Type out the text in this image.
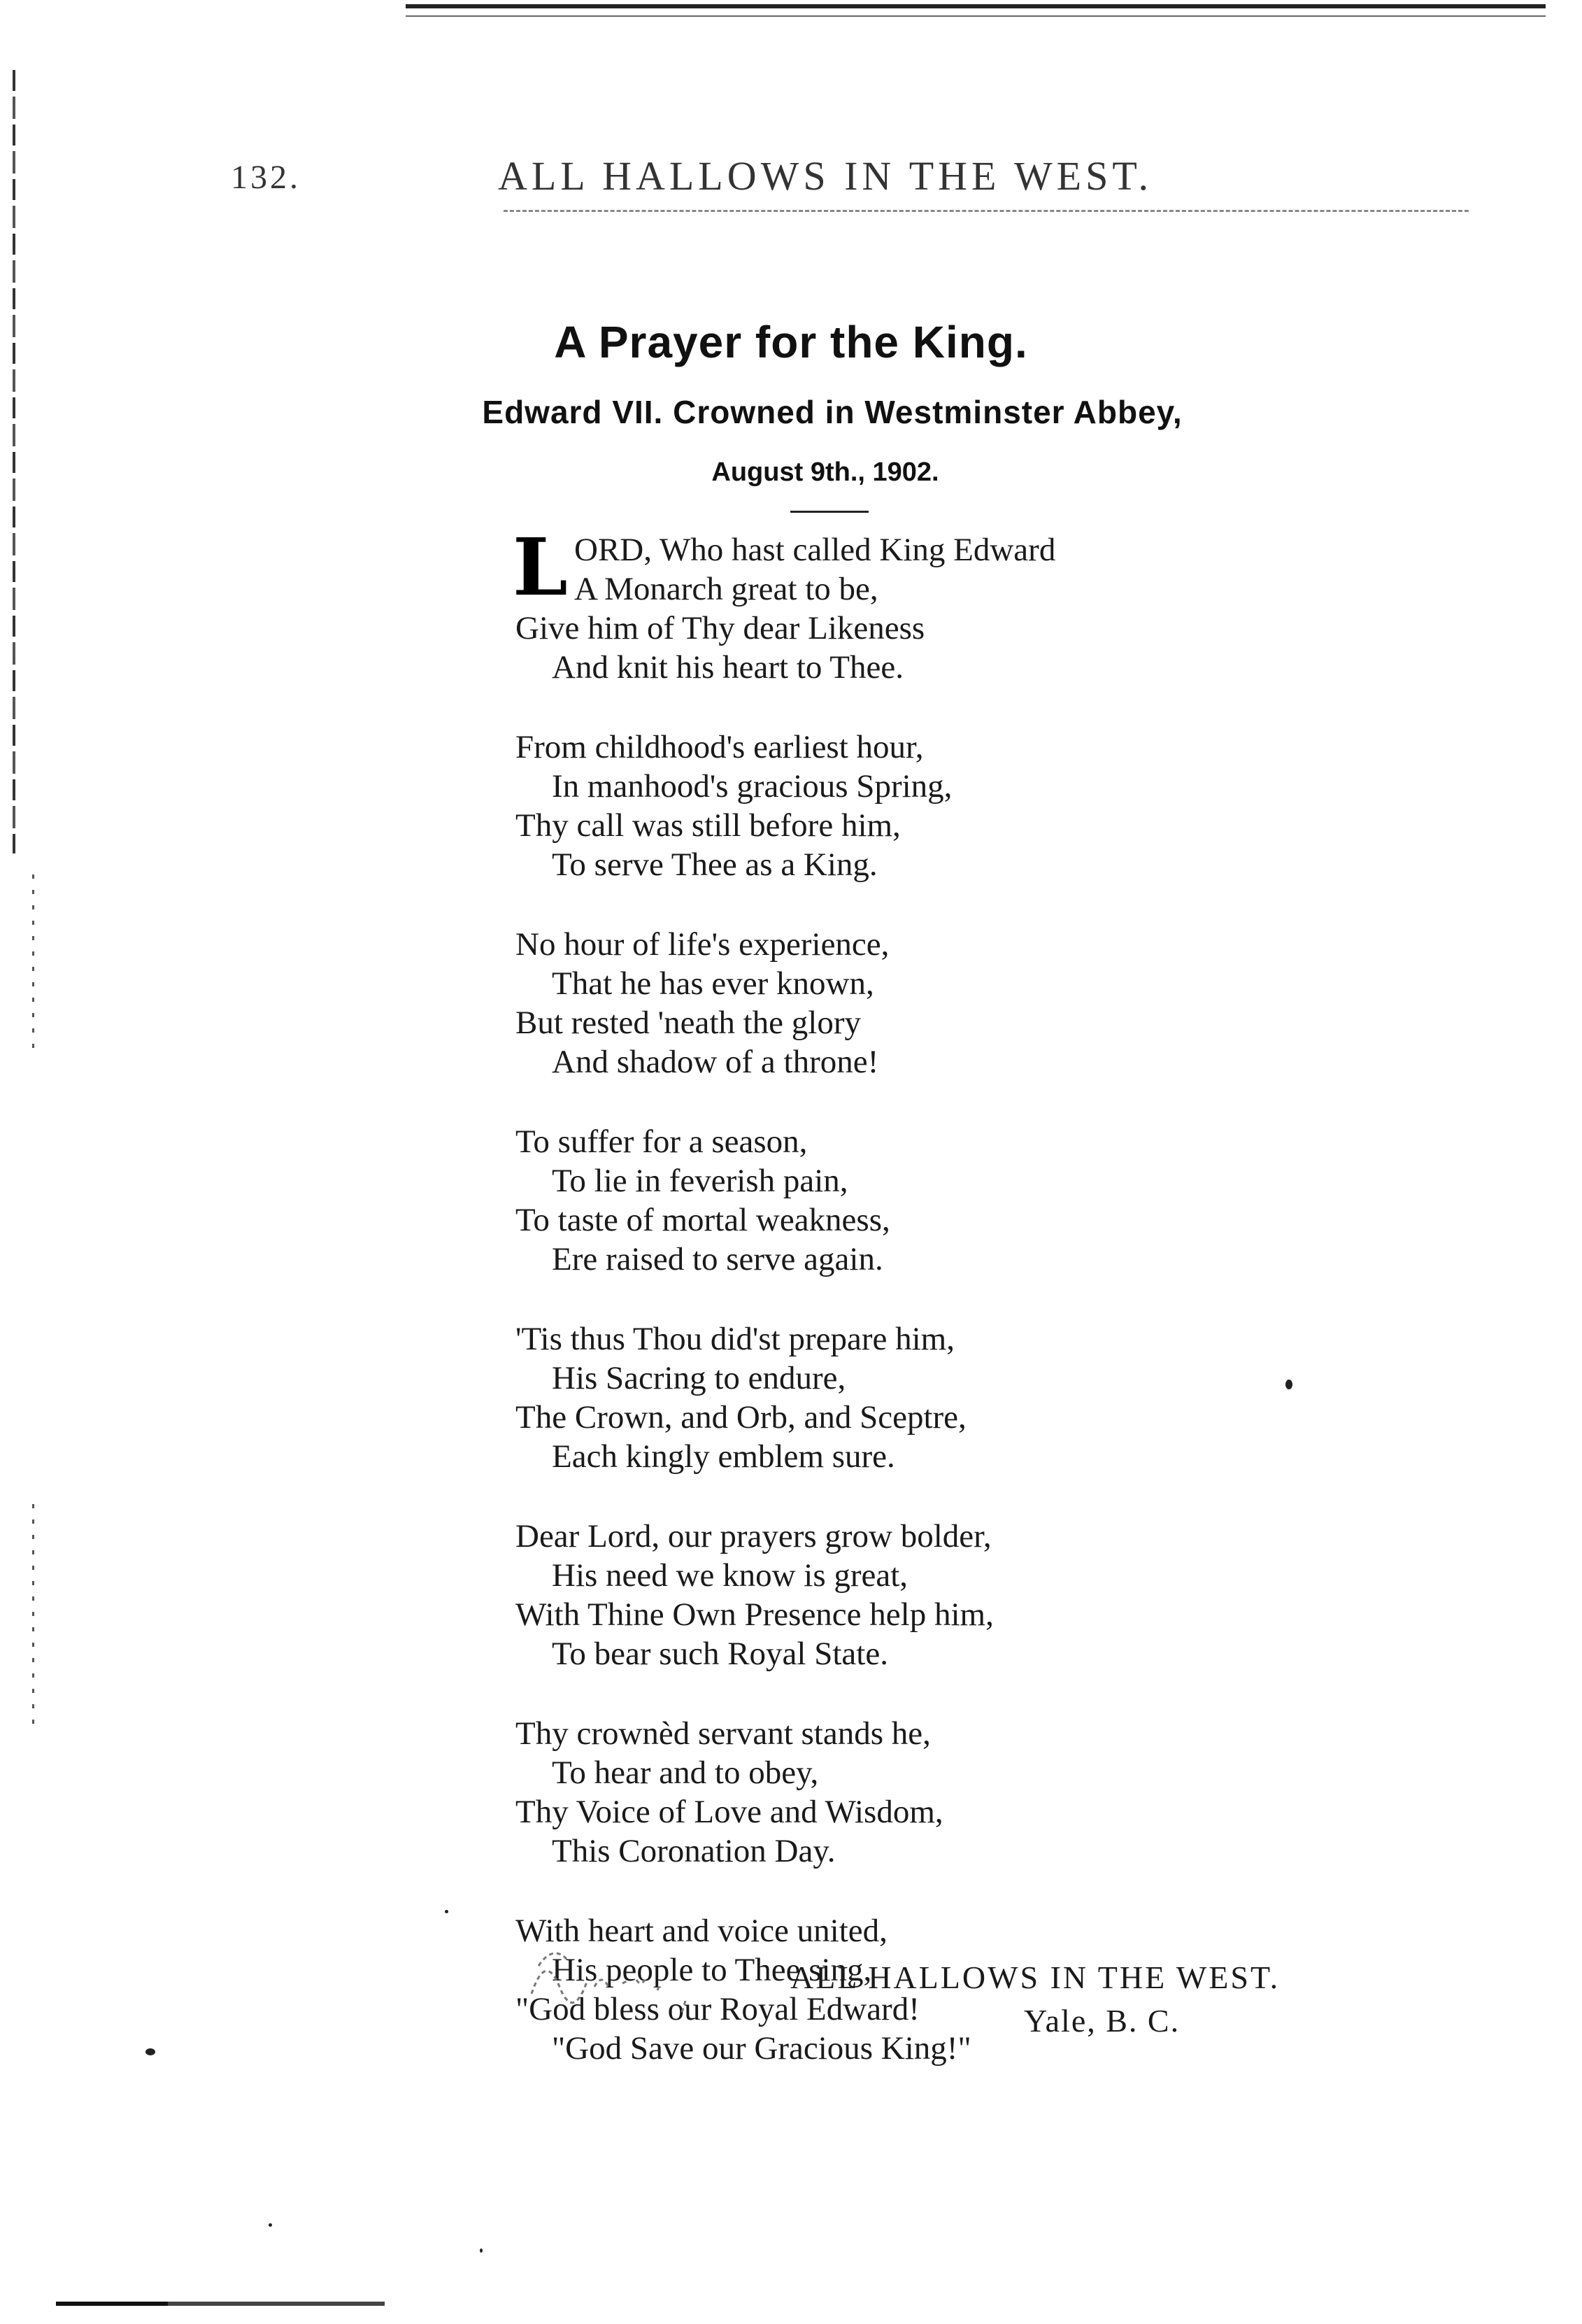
132.	ALL HALLOWS IN THE WEST.
A Prayer for the King.
Edward VII. Crowned in Westminster Abbey,
August 9th., 1902.
L ORD, Who hast called King Edward
A Monarch great to be,
Give him of Thy dear Likeness
And knit his heart to Thee.
From childhood's earliest hour,
In manhood's gracious Spring,
Thy call was still before him,
To serve Thee as a King.
No hour of life's experience,
That he has ever known,
But rested 'neath the glory
And shadow of a throne!
To suffer for a season,
To lie in feverish pain,
To taste of mortal weakness,
Ere raised to serve again.
'Tis thus Thou did'st prepare him,
His Sacring to endure,
The Crown, and Orb, and Sceptre,
Each kingly emblem sure.
Dear Lord, our prayers grow bolder,
His need we know is great,
With Thine Own Presence help him,
To bear such Royal State.
Thy crownèd servant stands he,
To hear and to obey,
Thy Voice of Love and Wisdom,
This Coronation Day.
With heart and voice united,
His people to Thee sing,
"God bless our Royal Edward!
"God Save our Gracious King!"
ALL HALLOWS IN THE WEST.
Yale, B. C.
